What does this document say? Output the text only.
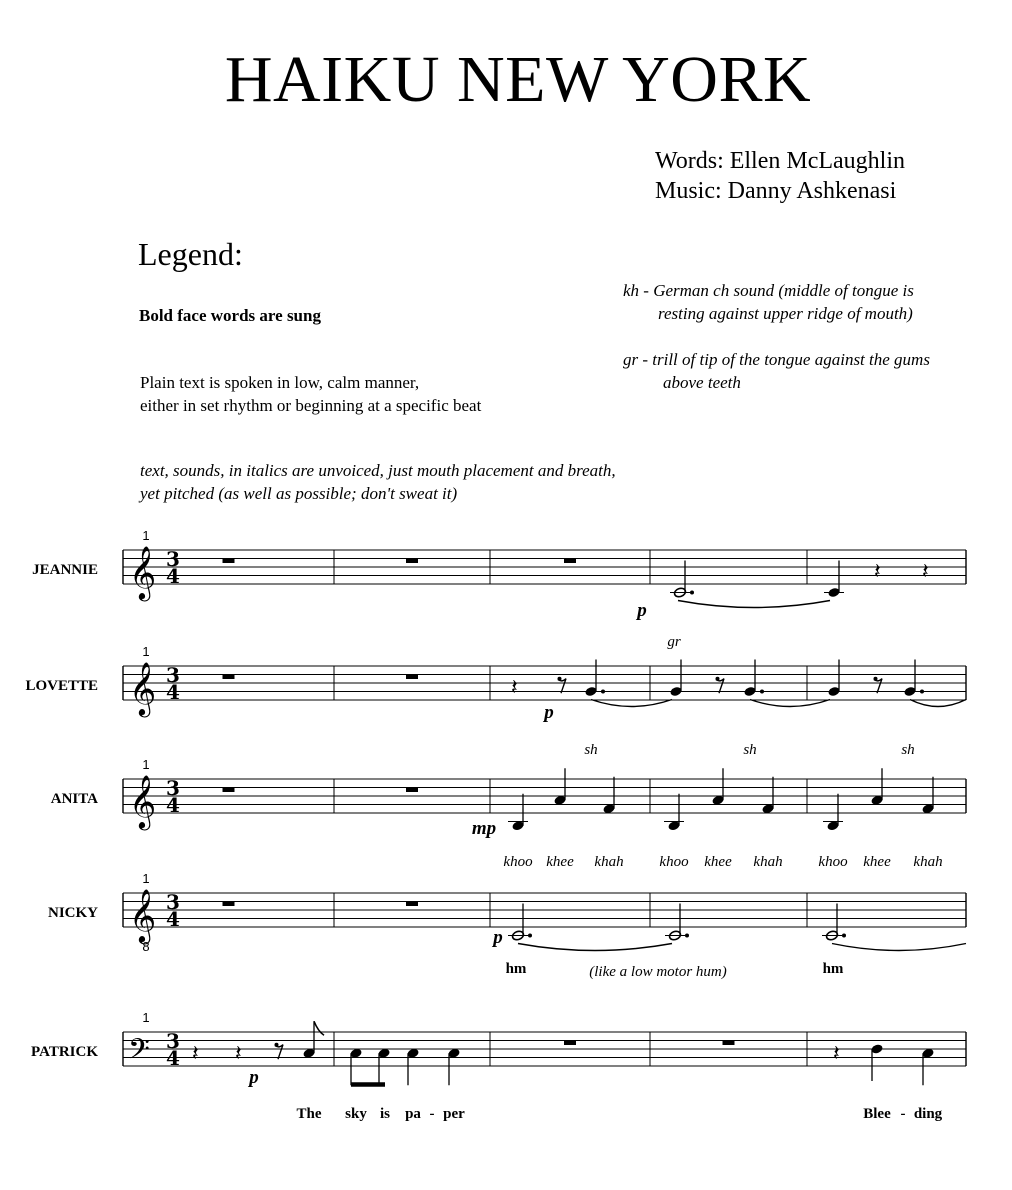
HAIKU NEW YORK
Words: Ellen McLaughlin
Music: Danny Ashkenasi
Legend:
Bold face words are sung
Plain text is spoken in low, calm manner,
either in set rhythm or beginning at a specific beat
text, sounds, in italics are unvoiced, just mouth placement and breath,
yet pitched (as well as possible; don't sweat it)
kh - German ch sound (middle of tongue is
resting against upper ridge of mouth)
gr - trill of tip of the tongue against the gums
above teeth
JEANNIE
1
𝄞 3
4
LOVETTE
1
𝄞 3
4
ANITA
1
𝄞 3
4
NICKY
1
𝄞
8
3
4
PATRICK
1
𝄢 3
4
𝄽 𝄽
p
gr
𝄽
p
sh	sh	sh
mp
khoo khee khah khoo khee khah khoo khee khah
p
hm	hm
(like a low motor hum)
𝄽 𝄽	𝄽
p
The sky is pa - per	Blee - ding
